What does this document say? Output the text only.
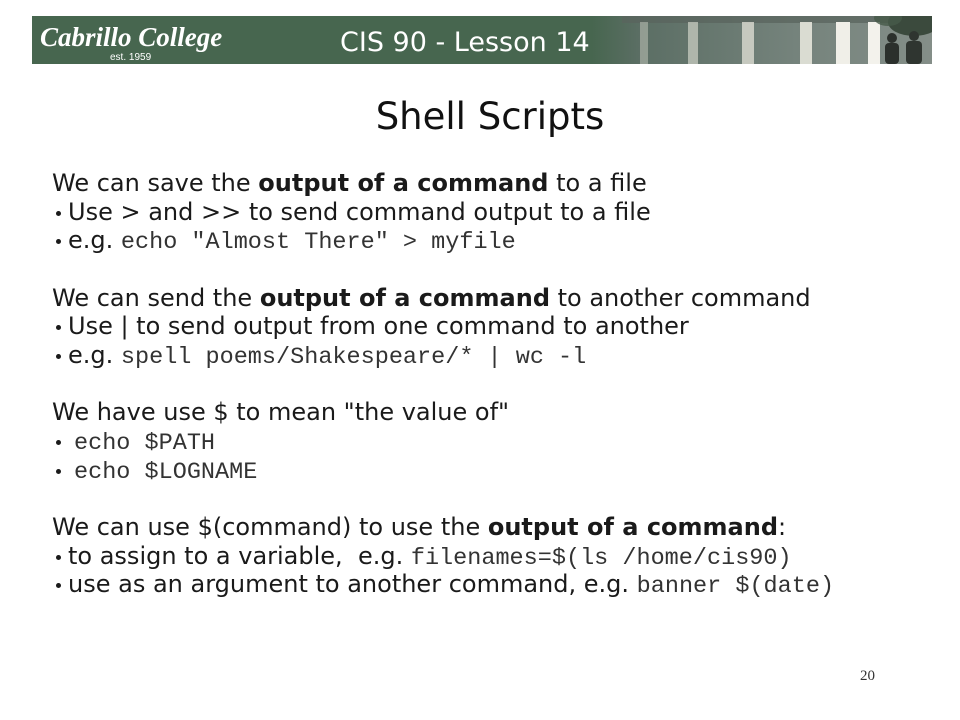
Cabrillo College
est. 1959	CIS 90 - Lesson 14
Shell Scripts
We can save the output of a command to a file
Use > and >> to send command output to a file
e.g. echo "Almost There" > myfile
We can send the output of a command to another command
Use | to send output from one command to another
e.g. spell poems/Shakespeare/* | wc -l
We have use $ to mean "the value of"
echo $PATH
echo $LOGNAME
We can use $(command) to use the output of a command:
to assign to a variable,  e.g. filenames=$(ls /home/cis90)
use as an argument to another command, e.g. banner $(date)
20
